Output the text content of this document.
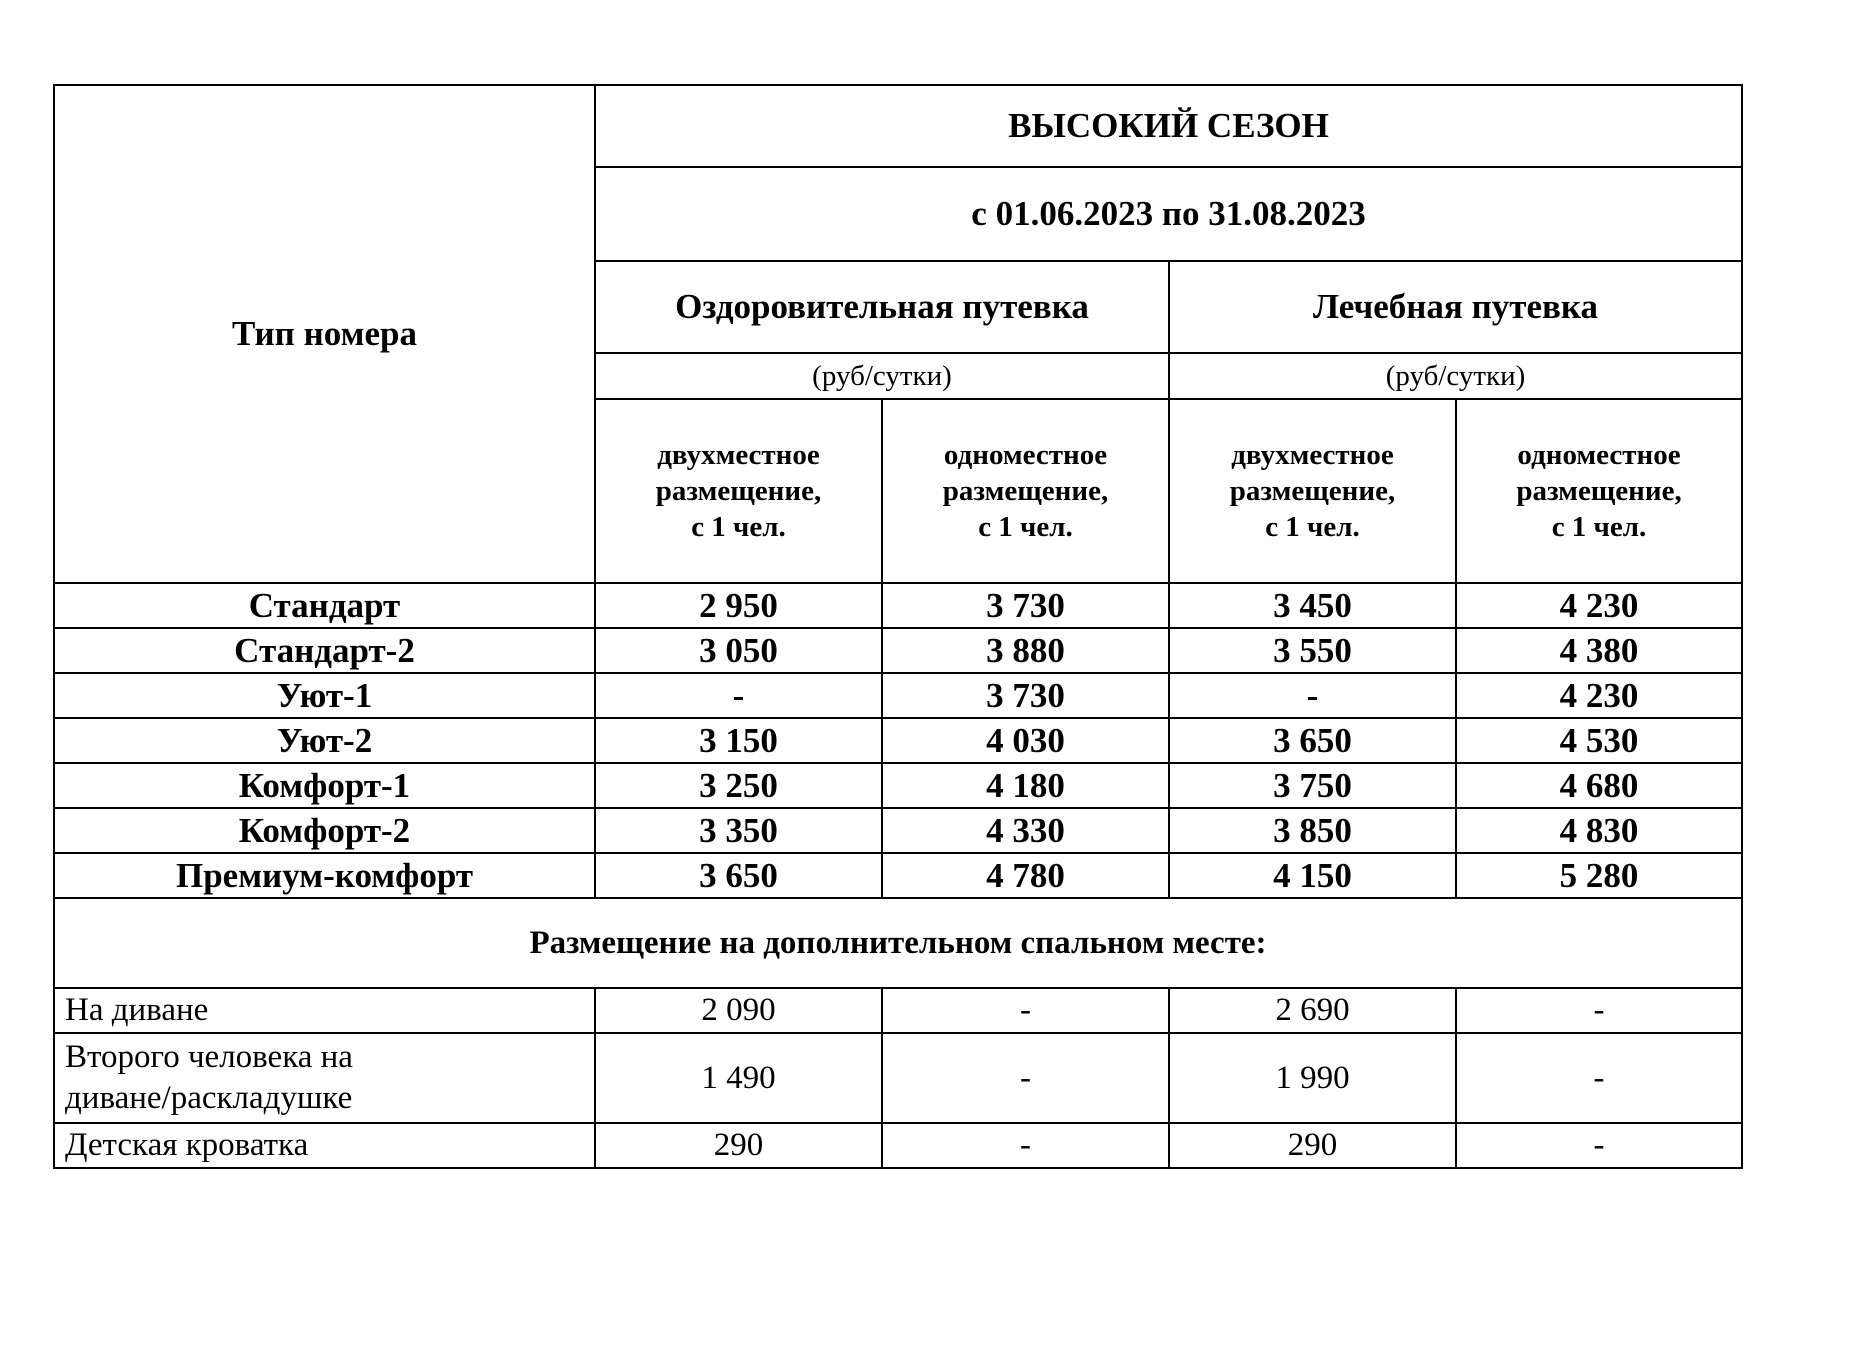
Тип номера	ВЫСОКИЙ СЕЗОН			
	с 01.06.2023 по 31.08.2023			
	Оздоровительная путевка		Лечебная путевка	
	(руб/сутки)		(руб/сутки)	
	двухместное
размещение,
с 1 чел.	одноместное
размещение,
с 1 чел.	двухместное
размещение,
с 1 чел.	одноместное
размещение,
с 1 чел.
Стандарт	2 950	3 730	3 450	4 230
Стандарт-2	3 050	3 880	3 550	4 380
Уют-1	-	3 730	-	4 230
Уют-2	3 150	4 030	3 650	4 530
Комфорт-1	3 250	4 180	3 750	4 680
Комфорт-2	3 350	4 330	3 850	4 830
Премиум-комфорт	3 650	4 780	4 150	5 280
Размещение на дополнительном спальном месте:				
На диване	2 090	-	2 690	-
Второго человека на
диване/раскладушке	1 490	-	1 990	-
Детская кроватка	290	-	290	-
